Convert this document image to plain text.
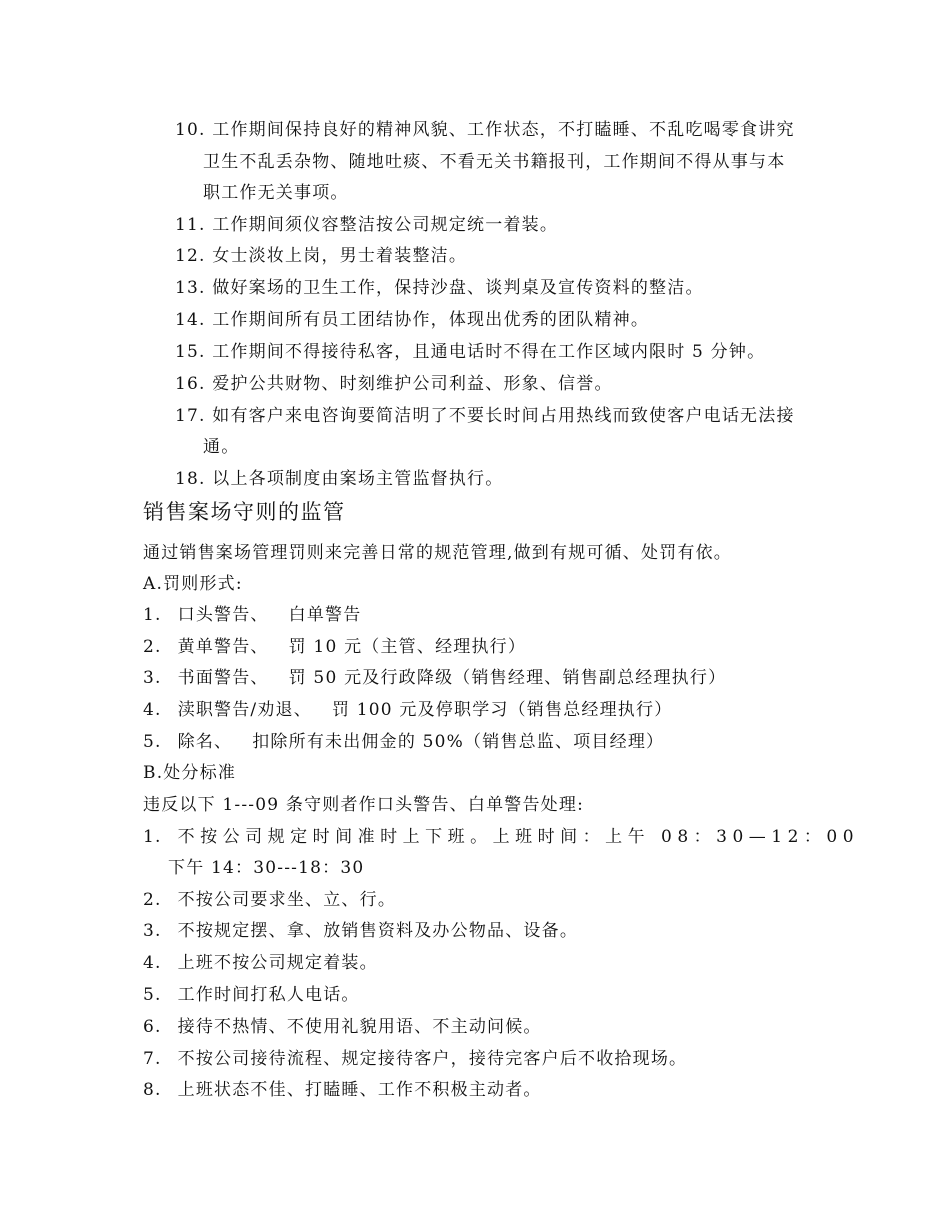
10. 工作期间保持良好的精神风貌、工作状态，不打瞌睡、不乱吃喝零食讲究
卫生不乱丢杂物、随地吐痰、不看无关书籍报刊，工作期间不得从事与本
职工作无关事项。
11. 工作期间须仪容整洁按公司规定统一着装。
12. 女士淡妆上岗，男士着装整洁。
13. 做好案场的卫生工作，保持沙盘、谈判桌及宣传资料的整洁。
14. 工作期间所有员工团结协作，体现出优秀的团队精神。
15. 工作期间不得接待私客，且通电话时不得在工作区域内限时 5 分钟。
16. 爱护公共财物、时刻维护公司利益、形象、信誉。
17. 如有客户来电咨询要简洁明了不要长时间占用热线而致使客户电话无法接
通。
18. 以上各项制度由案场主管监督执行。
销售案场守则的监管
通过销售案场管理罚则来完善日常的规范管理,做到有规可循、处罚有依。
A.罚则形式:
1. 口头警告、 白单警告
2. 黄单警告、 罚 10 元（主管、经理执行）
3. 书面警告、 罚 50 元及行政降级（销售经理、销售副总经理执行）
4. 渎职警告/劝退、 罚 100 元及停职学习（销售总经理执行）
5. 除名、 扣除所有未出佣金的 50%（销售总监、项目经理）
B.处分标准
违反以下 1---09 条守则者作口头警告、白单警告处理:
1. 不按公司规定时间准时上下班。上班时间：上午 08：30—12：00
下午 14：30---18：30
2. 不按公司要求坐、立、行。
3. 不按规定摆、拿、放销售资料及办公物品、设备。
4. 上班不按公司规定着装。
5. 工作时间打私人电话。
6. 接待不热情、不使用礼貌用语、不主动问候。
7. 不按公司接待流程、规定接待客户，接待完客户后不收拾现场。
8. 上班状态不佳、打瞌睡、工作不积极主动者。
